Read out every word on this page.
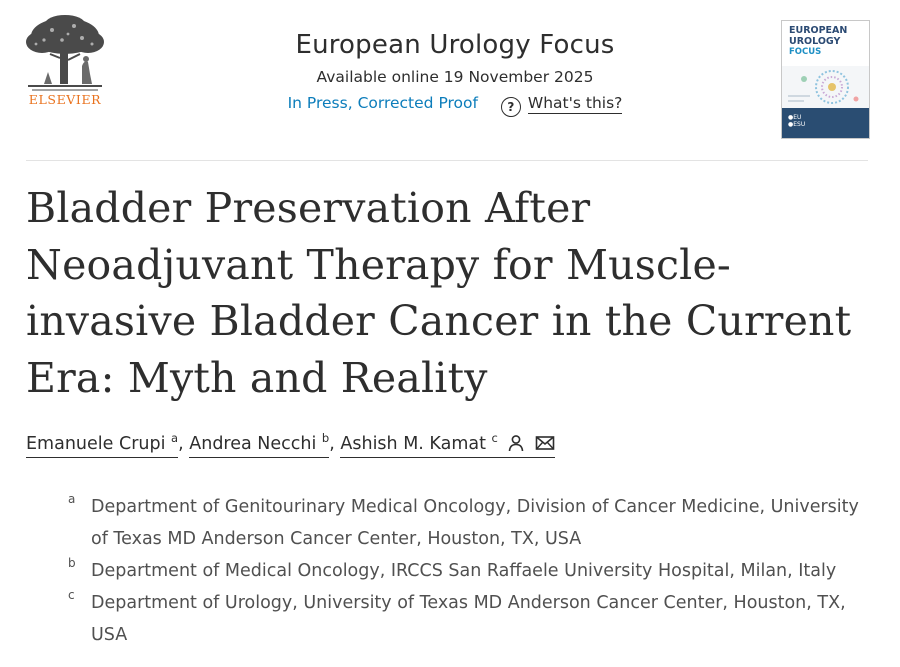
ELSEVIER
European Urology Focus
Available online 19 November 2025
In Press, Corrected Proof ? What's this?
EUROPEAN
UROLOGY
FOCUS
●EU
●ESU
Bladder Preservation After Neoadjuvant Therapy for Muscle-invasive Bladder Cancer in the Current Era: Myth and Reality
Emanuele Crupi $^a$, Andrea Necchi $^b$, Ashish M. Kamat $^c$
a Department of Genitourinary Medical Oncology, Division of Cancer Medicine, University of Texas MD Anderson Cancer Center, Houston, TX, USA
b Department of Medical Oncology, IRCCS San Raffaele University Hospital, Milan, Italy
c Department of Urology, University of Texas MD Anderson Cancer Center, Houston, TX, USA
